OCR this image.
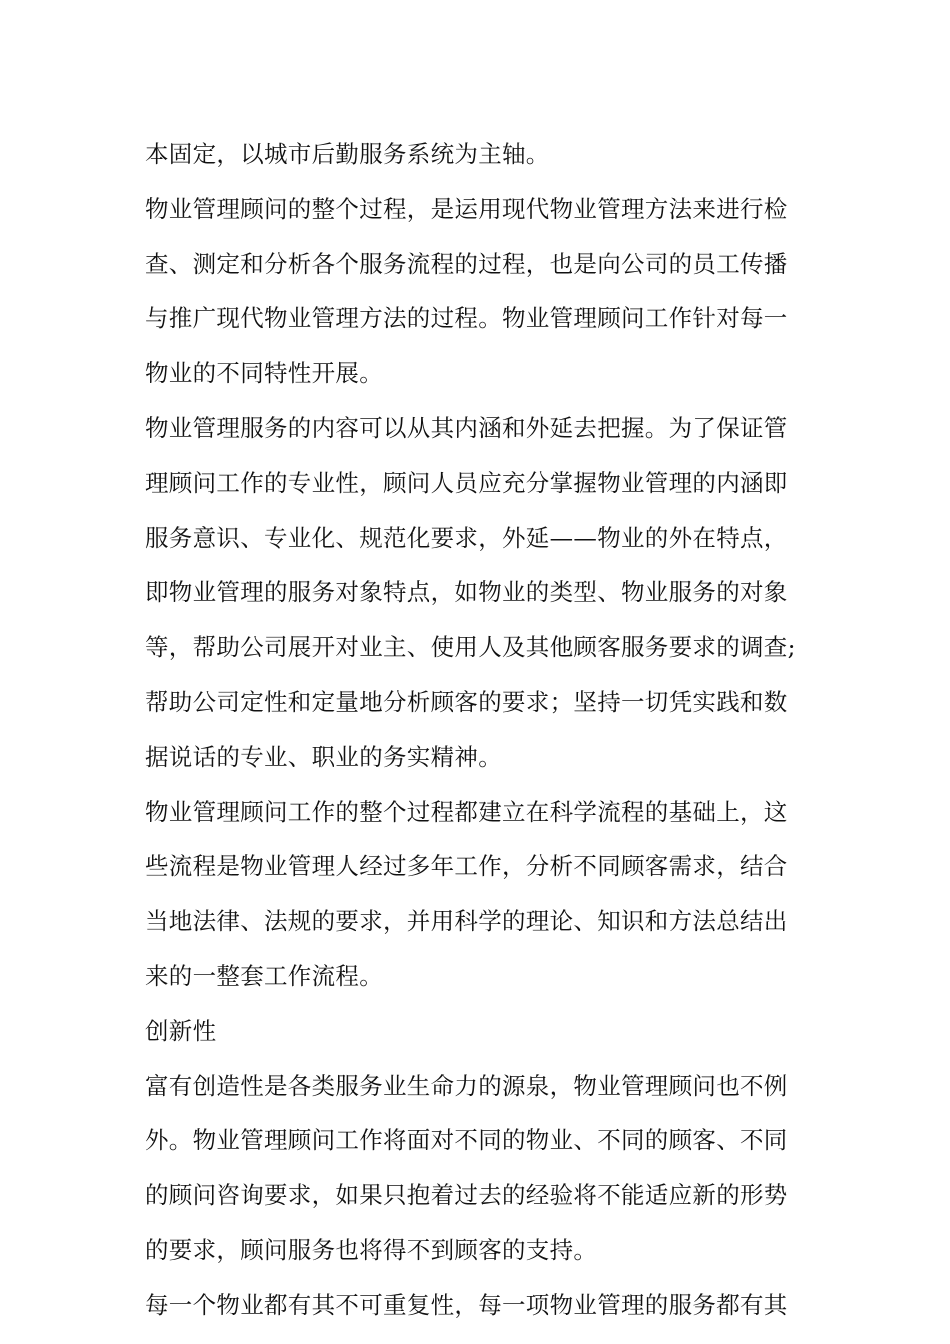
本固定，以城市后勤服务系统为主轴。
物业管理顾问的整个过程，是运用现代物业管理方法来进行检
查、测定和分析各个服务流程的过程，也是向公司的员工传播
与推广现代物业管理方法的过程。物业管理顾问工作针对每一
物业的不同特性开展。
物业管理服务的内容可以从其内涵和外延去把握。为了保证管
理顾问工作的专业性，顾问人员应充分掌握物业管理的内涵即
服务意识、专业化、规范化要求，外延——物业的外在特点，
即物业管理的服务对象特点，如物业的类型、物业服务的对象
等，帮助公司展开对业主、使用人及其他顾客服务要求的调查;
帮助公司定性和定量地分析顾客的要求；坚持一切凭实践和数
据说话的专业、职业的务实精神。
物业管理顾问工作的整个过程都建立在科学流程的基础上，这
些流程是物业管理人经过多年工作，分析不同顾客需求，结合
当地法律、法规的要求，并用科学的理论、知识和方法总结出
来的一整套工作流程。
创新性
富有创造性是各类服务业生命力的源泉，物业管理顾问也不例
外。物业管理顾问工作将面对不同的物业、不同的顾客、不同
的顾问咨询要求，如果只抱着过去的经验将不能适应新的形势
的要求，顾问服务也将得不到顾客的支持。
每一个物业都有其不可重复性，每一项物业管理的服务都有其
